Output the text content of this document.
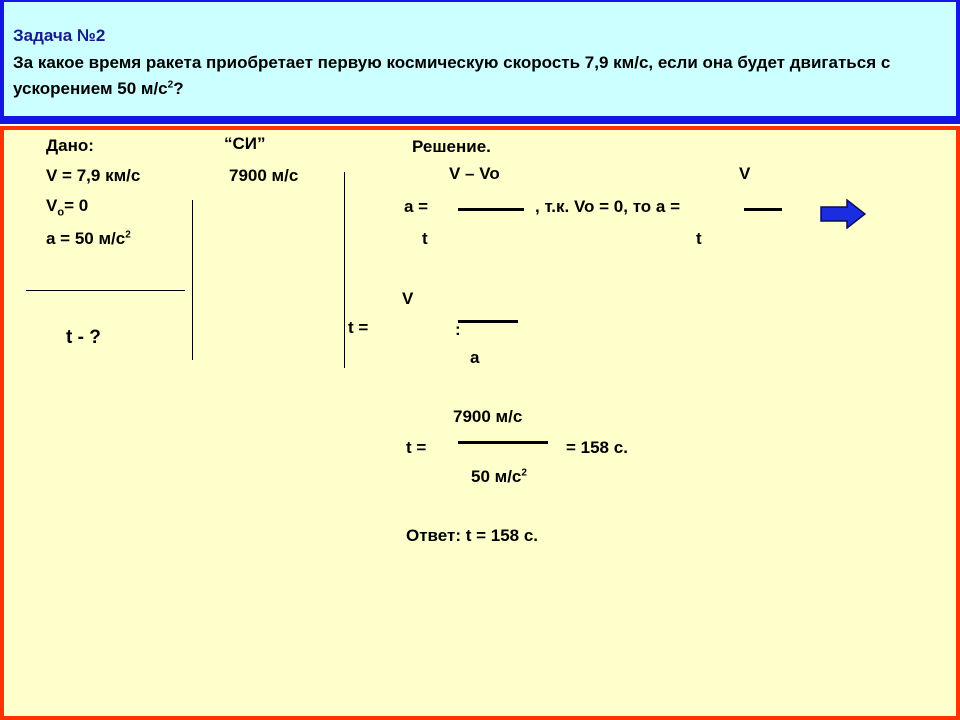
Задача №2
За какое время ракета приобретает первую космическую скорость 7,9 км/с, если она будет двигаться с ускорением 50 $м/с^2$?
Дано:
V = 7,9 км/с
$V_о= 0$
a = 50 $м/с^2$
t - ?
“СИ”
7900 м/с
Решение.
V – Vo
a =
t
, т.к. Vo = 0, то a =
V
t
V
t =	:
a
7900 м/с
t =	= 158 с.
50 $м/с^2$
Ответ: t = 158 с.
